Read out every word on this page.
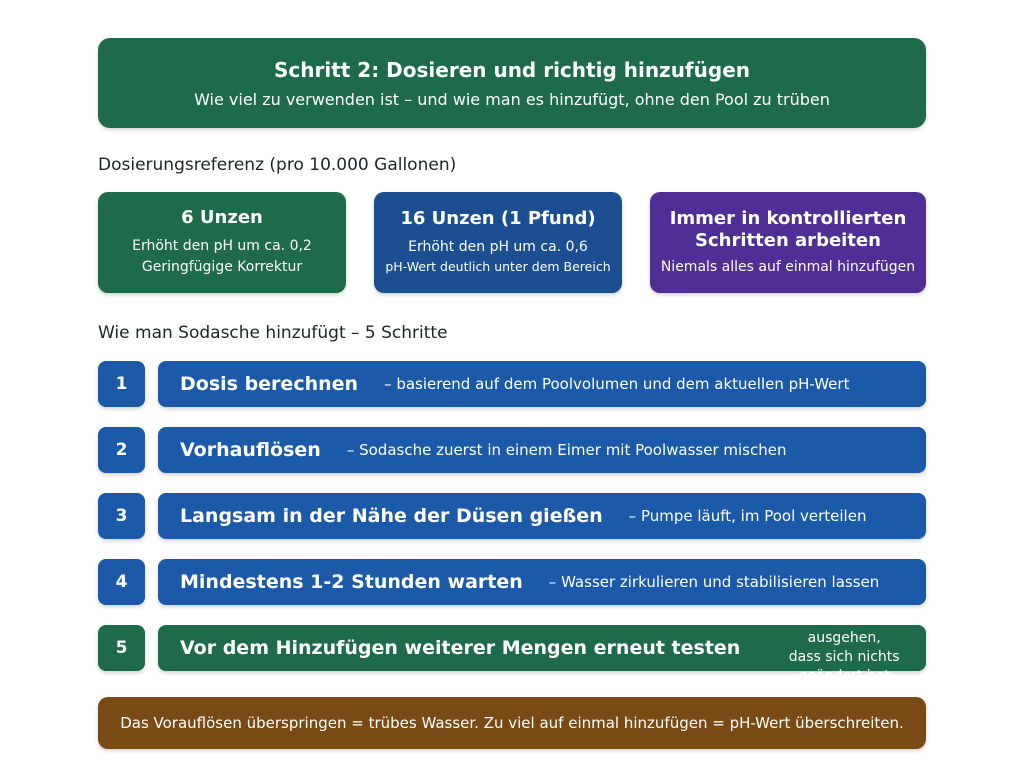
Schritt 2: Dosieren und richtig hinzufügen
Wie viel zu verwenden ist – und wie man es hinzufügt, ohne den Pool zu trüben
Dosierungsreferenz (pro 10.000 Gallonen)
6 Unzen
Erhöht den pH um ca. 0,2
Geringfügige Korrektur
16 Unzen (1 Pfund)
Erhöht den pH um ca. 0,6
pH-Wert deutlich unter dem Bereich
Immer in kontrollierten
Schritten arbeiten
Niemals alles auf einmal hinzufügen
Wie man Sodasche hinzufügt – 5 Schritte
1	Dosis berechnen – basierend auf dem Poolvolumen und dem aktuellen pH-Wert
2	Vorhauflösen – Sodasche zuerst in einem Eimer mit Poolwasser mischen
3	Langsam in der Nähe der Düsen gießen – Pumpe läuft, im Pool verteilen
4	Mindestens 1-2 Stunden warten – Wasser zirkulieren und stabilisieren lassen
5	Vor dem Hinzufügen weiterer Mengen erneut testen
– niemals davon ausgehen,
dass sich nichts geändert hat
Das Vorauflösen überspringen = trübes Wasser. Zu viel auf einmal hinzufügen = pH-Wert überschreiten.
